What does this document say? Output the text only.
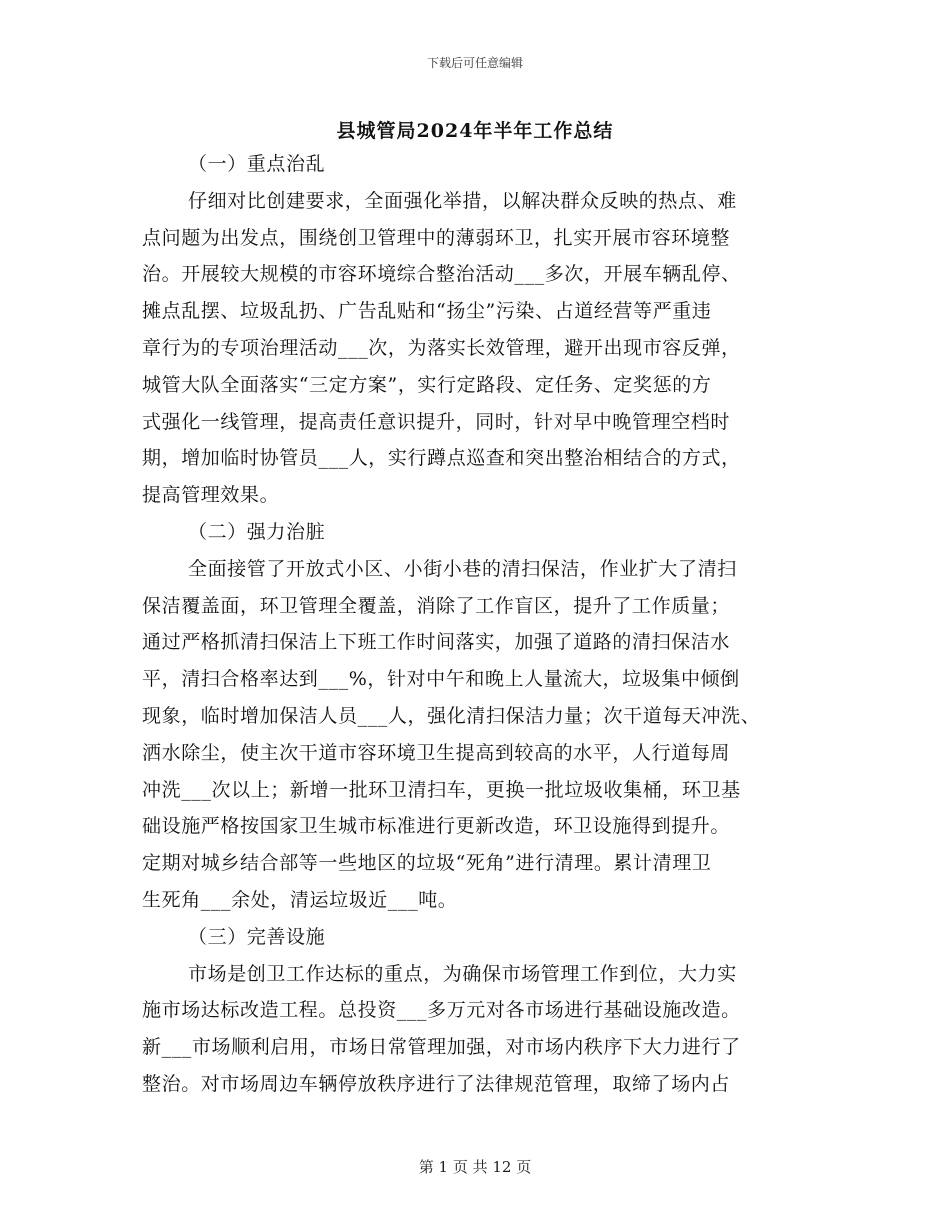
下载后可任意编辑
县城管局2024年半年工作总结
（一）重点治乱
仔细对比创建要求，全面强化举措，以解决群众反映的热点、难
点问题为出发点，围绕创卫管理中的薄弱环卫，扎实开展市容环境整
治。开展较大规模的市容环境综合整治活动___多次，开展车辆乱停、
摊点乱摆、垃圾乱扔、广告乱贴和“扬尘”污染、占道经营等严重违
章行为的专项治理活动___次，为落实长效管理，避开出现市容反弹，
城管大队全面落实“三定方案”，实行定路段、定任务、定奖惩的方
式强化一线管理，提高责任意识提升，同时，针对早中晚管理空档时
期，增加临时协管员___人，实行蹲点巡查和突出整治相结合的方式，
提高管理效果。
（二）强力治脏
全面接管了开放式小区、小街小巷的清扫保洁，作业扩大了清扫
保洁覆盖面，环卫管理全覆盖，消除了工作盲区，提升了工作质量；
通过严格抓清扫保洁上下班工作时间落实，加强了道路的清扫保洁水
平，清扫合格率达到___%，针对中午和晚上人量流大，垃圾集中倾倒
现象，临时增加保洁人员___人，强化清扫保洁力量；次干道每天冲洗、
洒水除尘，使主次干道市容环境卫生提高到较高的水平，人行道每周
冲洗___次以上；新增一批环卫清扫车，更换一批垃圾收集桶，环卫基
础设施严格按国家卫生城市标准进行更新改造，环卫设施得到提升。
定期对城乡结合部等一些地区的垃圾“死角”进行清理。累计清理卫
生死角___余处，清运垃圾近___吨。
（三）完善设施
市场是创卫工作达标的重点，为确保市场管理工作到位，大力实
施市场达标改造工程。总投资___多万元对各市场进行基础设施改造。
新___市场顺利启用，市场日常管理加强，对市场内秩序下大力进行了
整治。对市场周边车辆停放秩序进行了法律规范管理，取缔了场内占
第 1 页 共 12 页
